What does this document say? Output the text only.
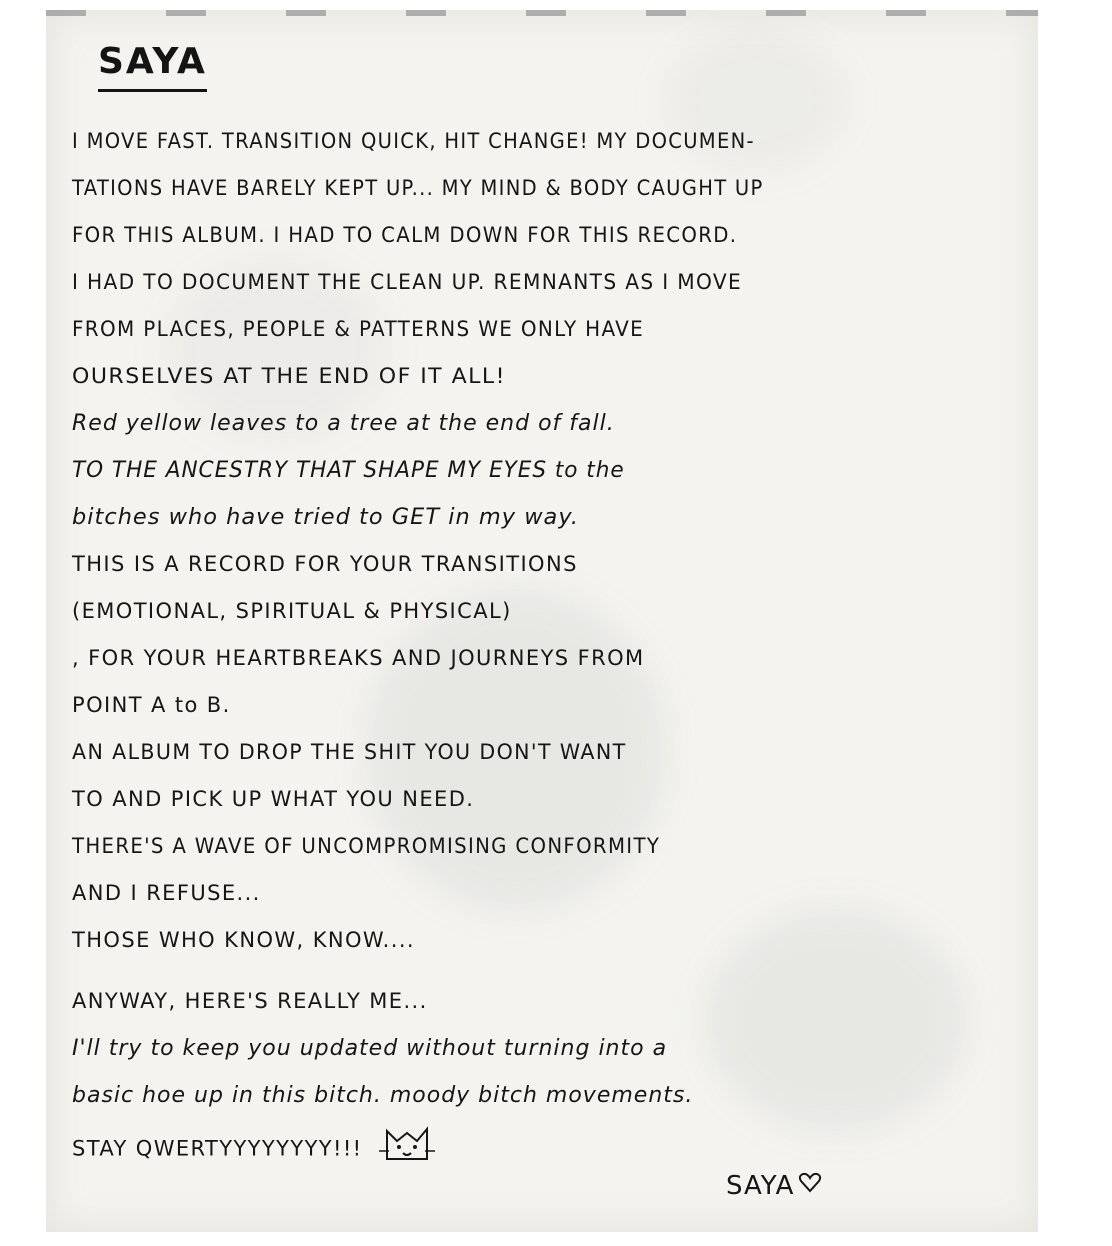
SAYA
I MOVE FAST. TRANSITION QUICK, HIT CHANGE! MY DOCUMEN-
TATIONS HAVE BARELY KEPT UP... MY MIND & BODY CAUGHT UP
FOR THIS ALBUM. I HAD TO CALM DOWN FOR THIS RECORD.
I HAD TO DOCUMENT THE CLEAN UP. REMNANTS AS I MOVE
FROM PLACES, PEOPLE & PATTERNS WE ONLY HAVE
OURSELVES AT THE END OF IT ALL!
Red yellow leaves to a tree at the end of fall.
TO THE ANCESTRY THAT SHAPE MY EYES to the
bitches who have tried to GET in my way.
THIS IS A RECORD FOR YOUR TRANSITIONS
(EMOTIONAL, SPIRITUAL & PHYSICAL)
, FOR YOUR HEARTBREAKS AND JOURNEYS FROM
POINT A to B.
AN ALBUM TO DROP THE SHIT YOU DON'T WANT
TO AND PICK UP WHAT YOU NEED.
THERE'S A WAVE OF UNCOMPROMISING CONFORMITY
AND I REFUSE...
THOSE WHO KNOW, KNOW....
ANYWAY, HERE'S REALLY ME...
I'll try to keep you updated without turning into a
basic hoe up in this bitch. moody bitch movements.
STAY QWERTYYYYYYYY!!!
SAYA
